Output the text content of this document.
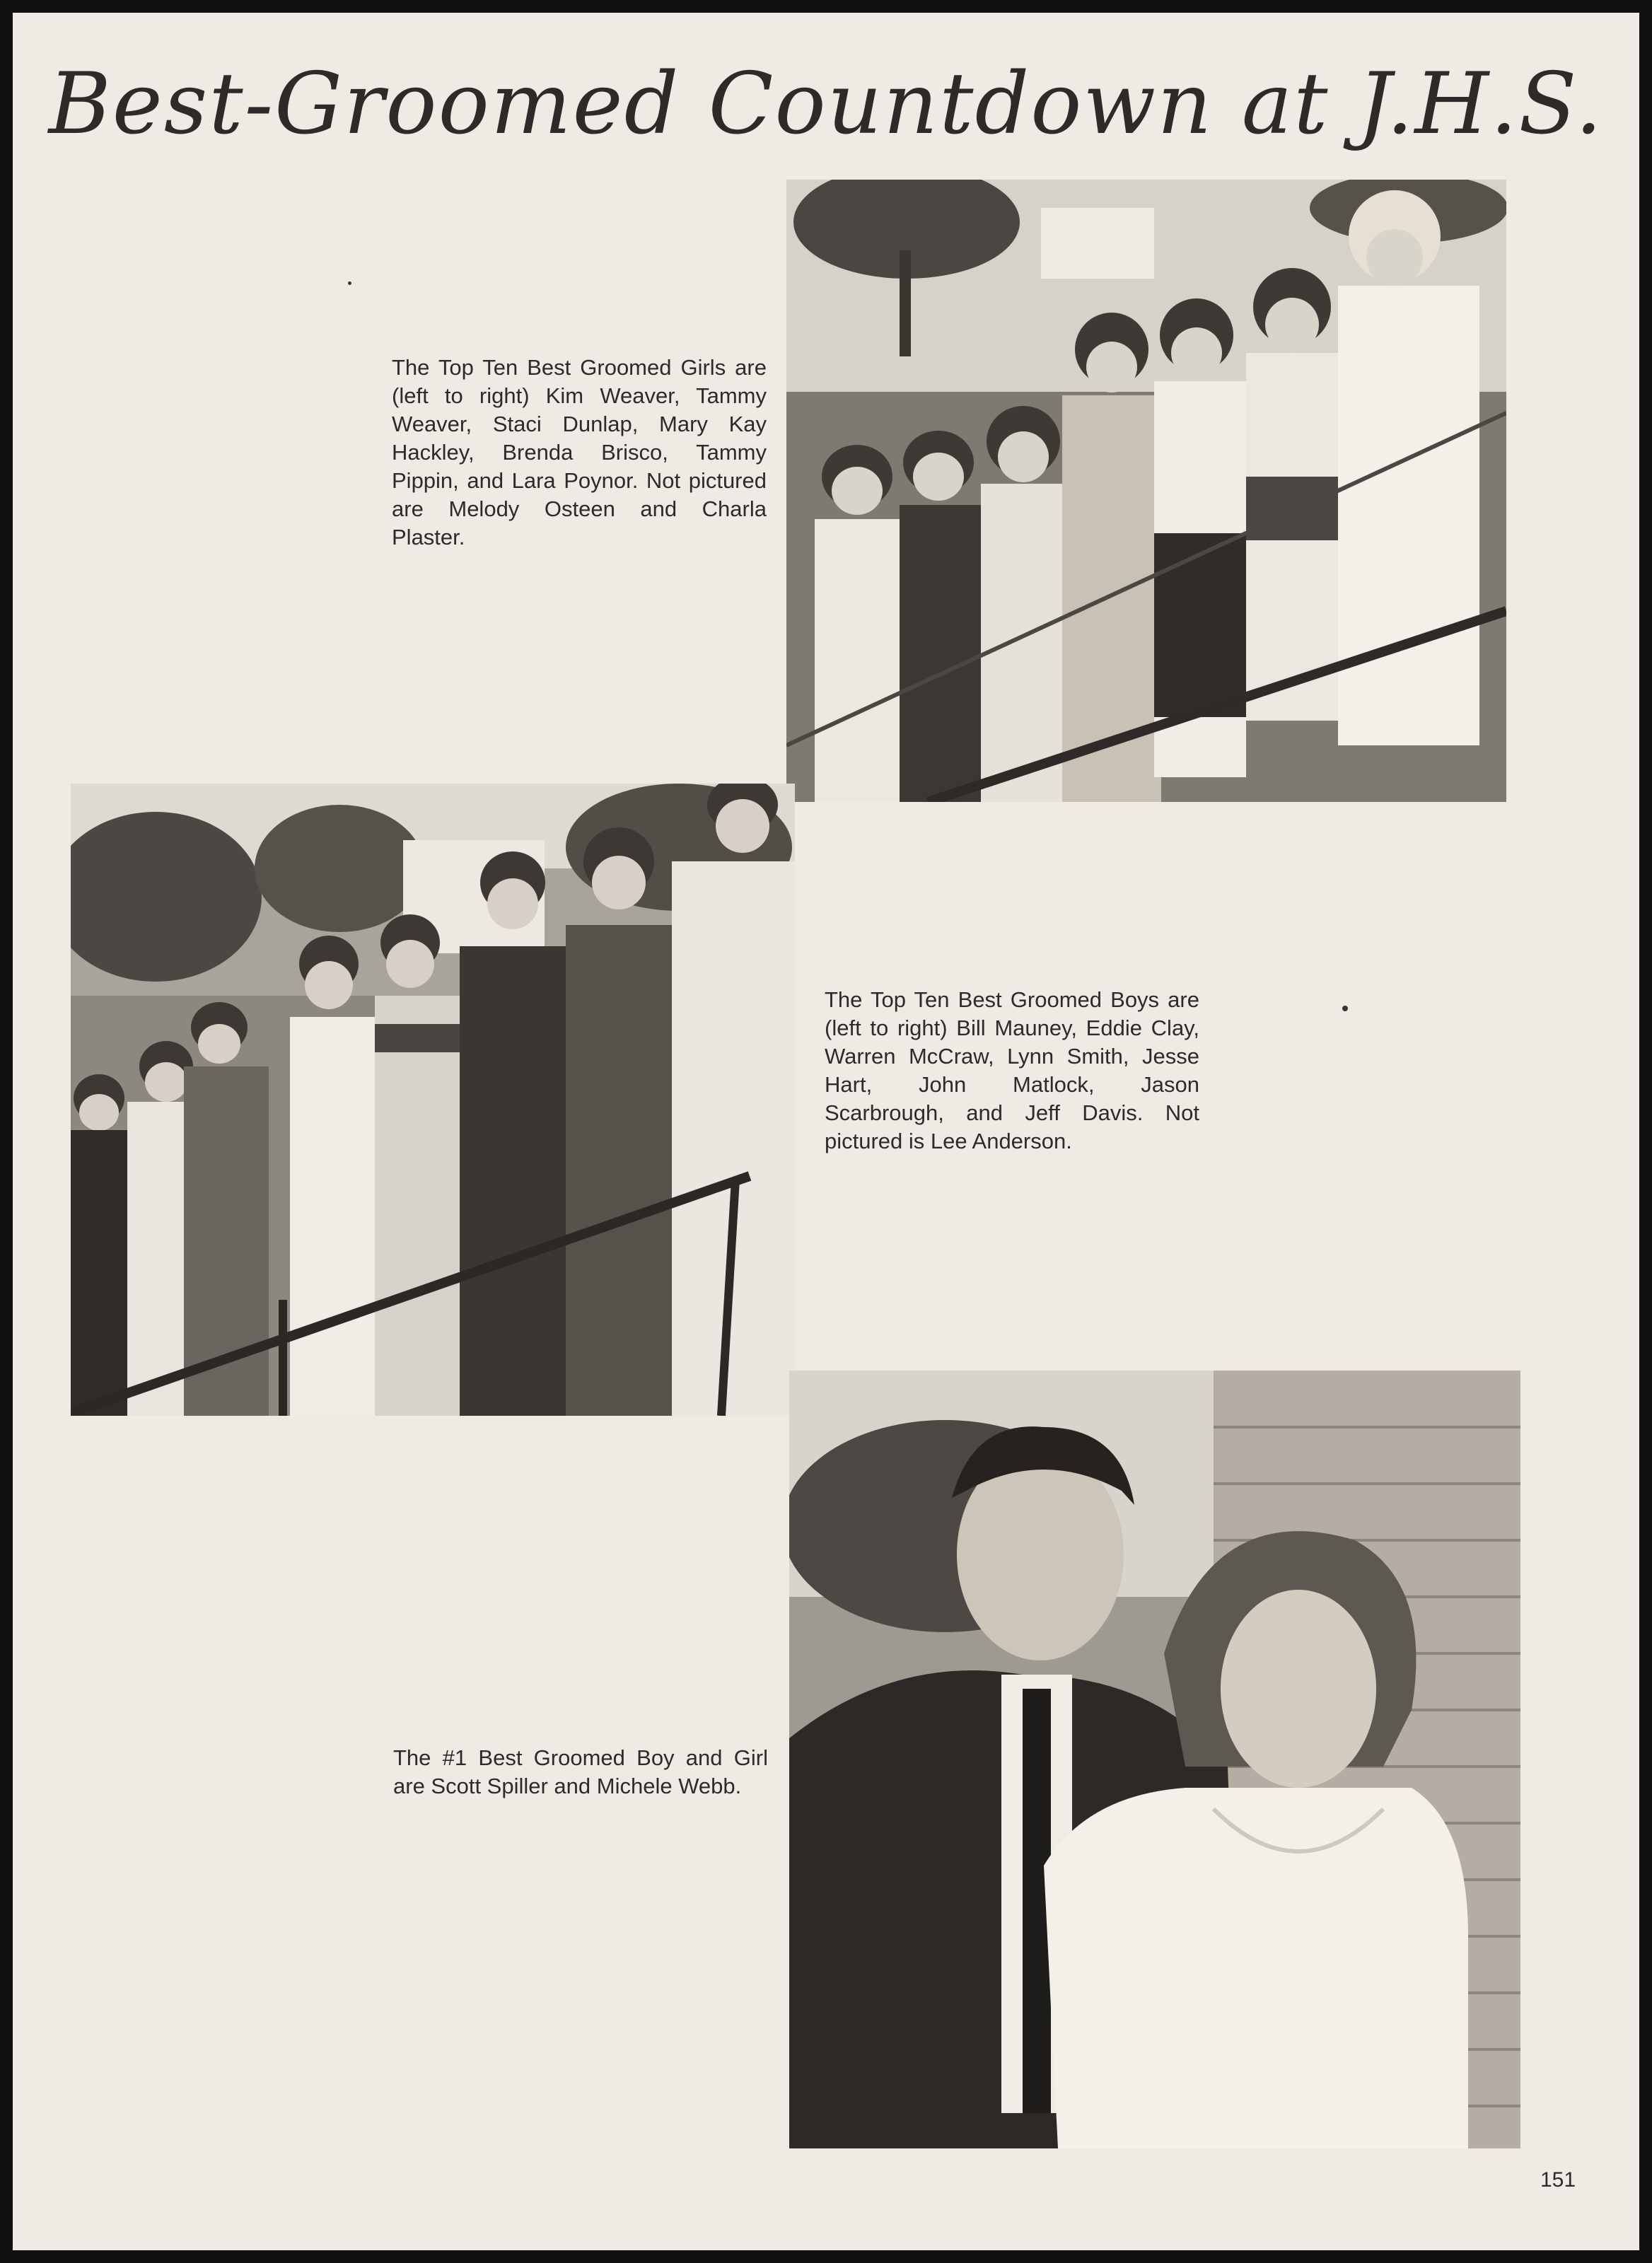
Best-Groomed Countdown at J.H.S.
The Top Ten Best Groomed Girls are (left to right) Kim Weaver, Tammy Weaver, Staci Dunlap, Mary Kay Hackley, Brenda Brisco, Tammy Pippin, and Lara Poynor. Not pictured are Melody Osteen and Charla Plaster.
The #1 Best Groomed Boy and Girl are Scott Spiller and Michele Webb.
The Top Ten Best Groomed Boys are (left to right) Bill Mauney, Eddie Clay, Warren McCraw, Lynn Smith, Jesse Hart, John Matlock, Jason Scarbrough, and Jeff Davis. Not pictured is Lee Anderson.
151
